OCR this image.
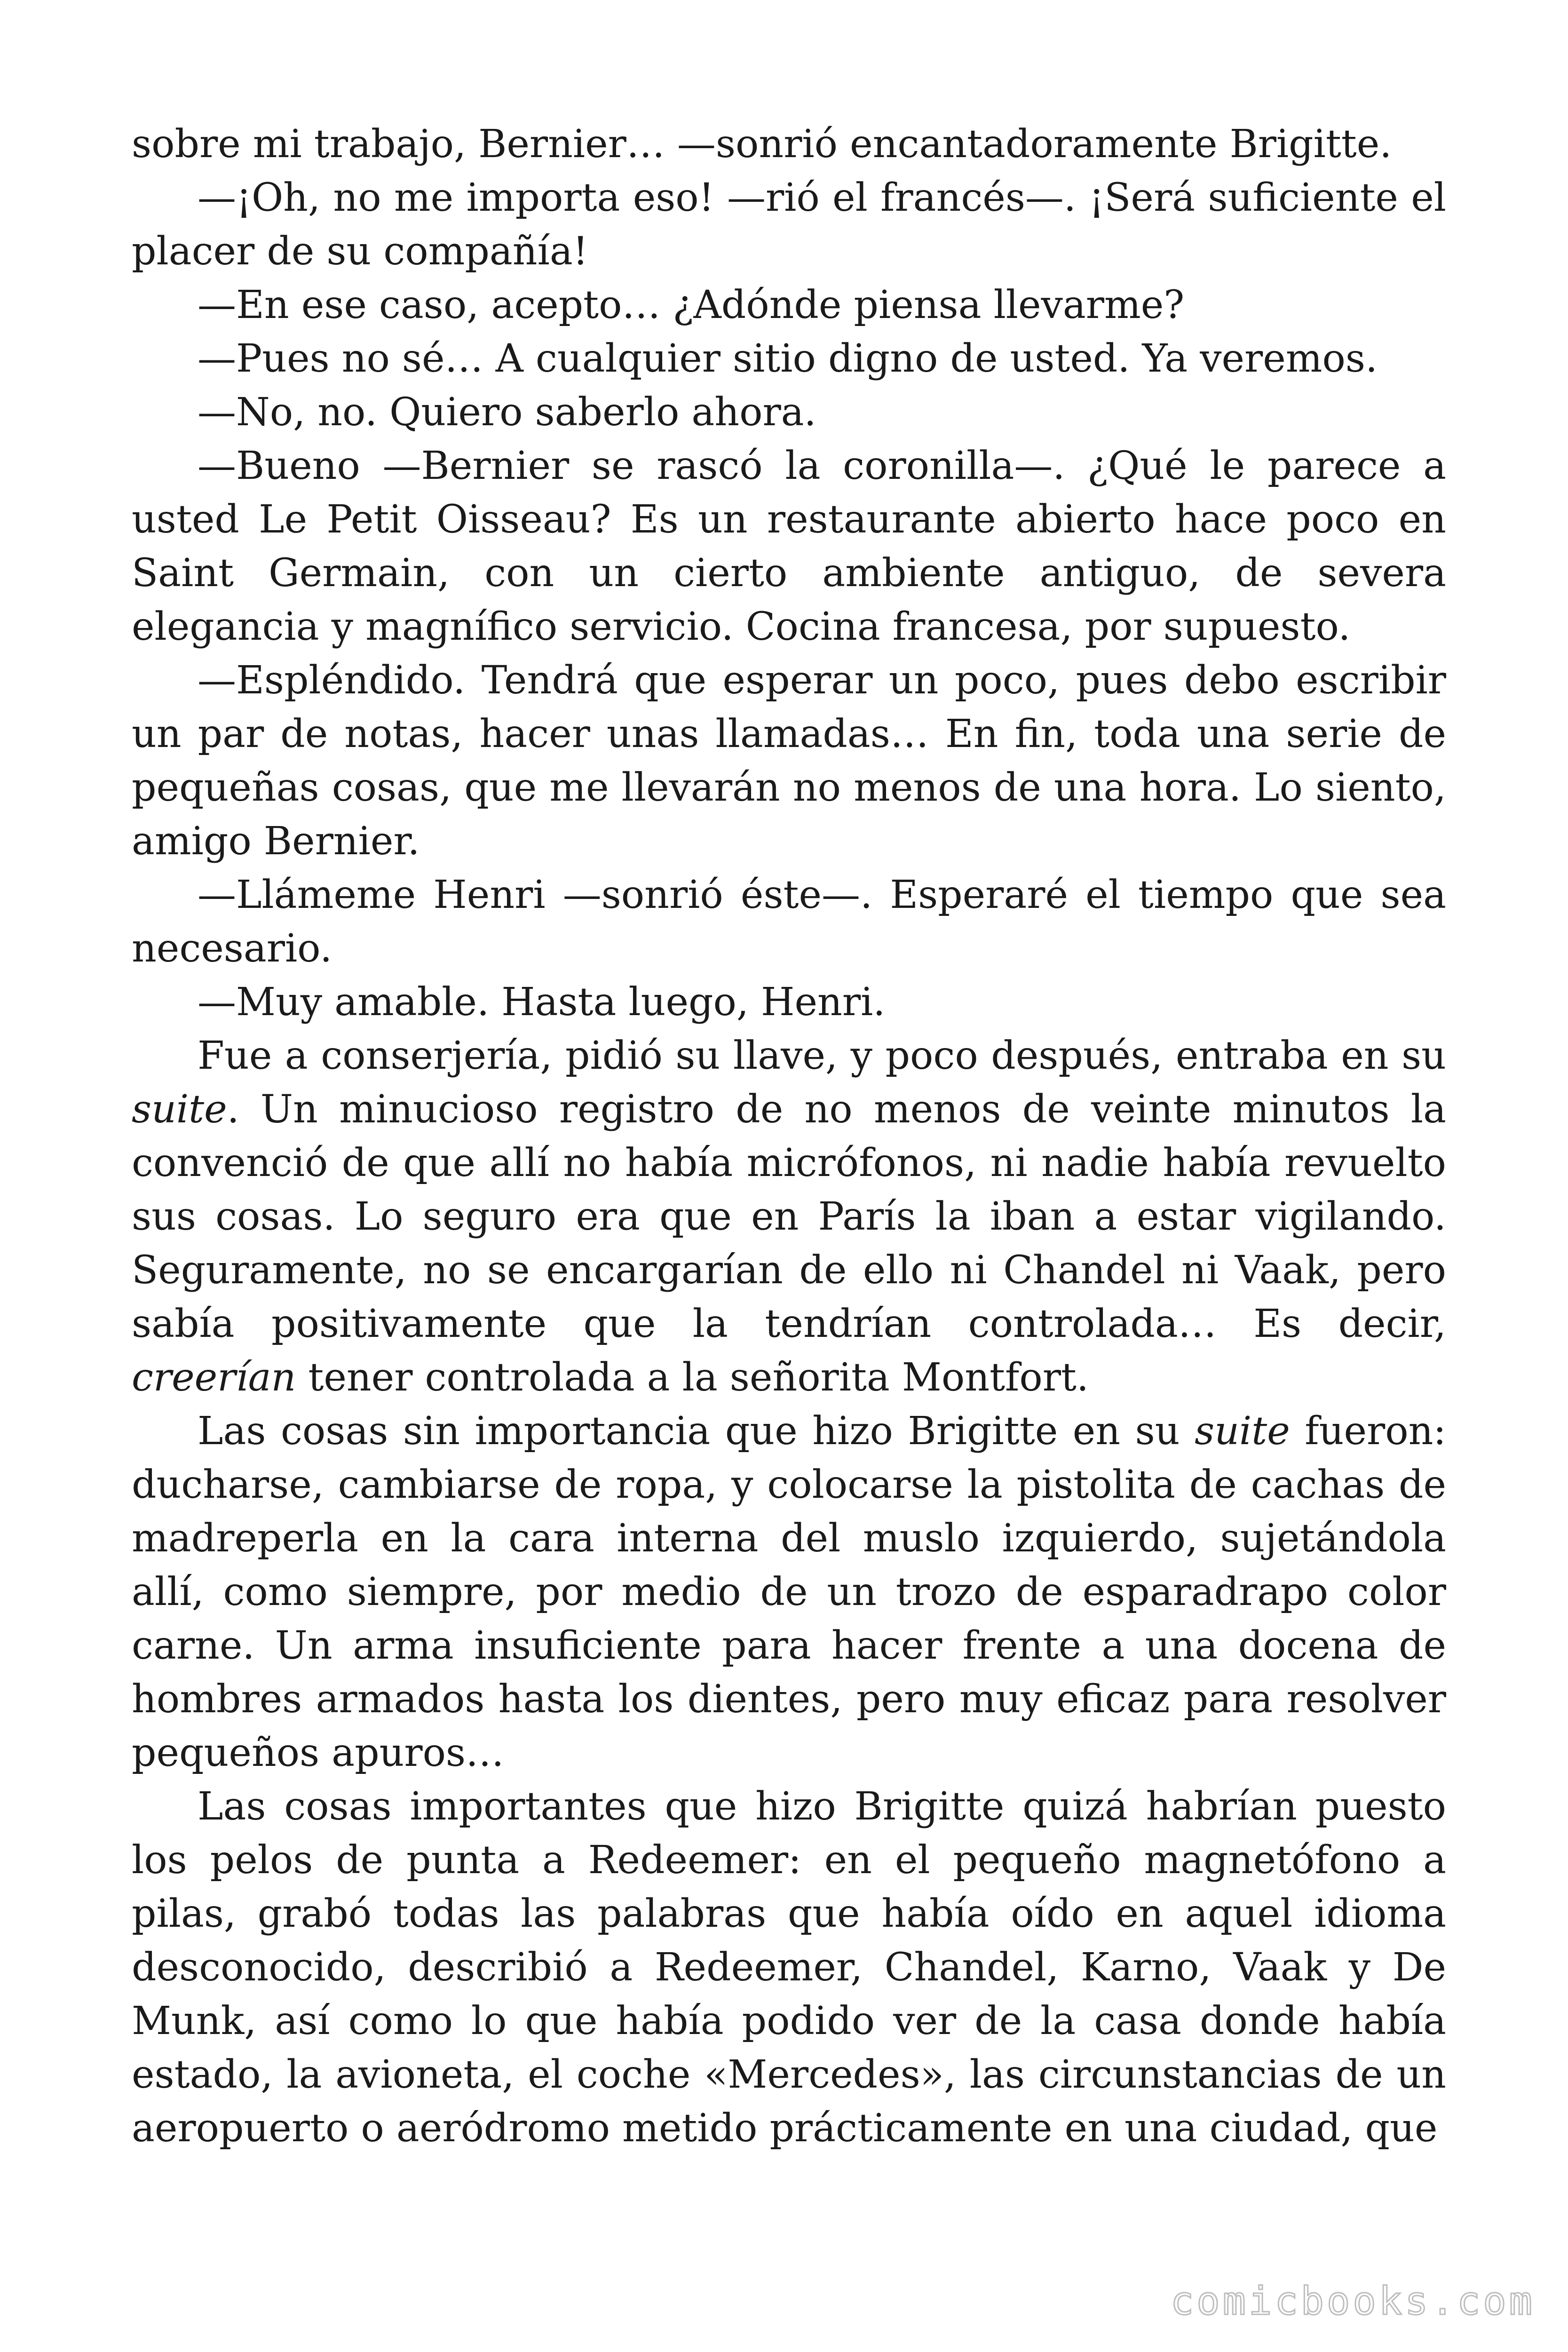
sobre mi trabajo, Bernier… —sonrió encantadoramente Brigitte.

—¡Oh, no me importa eso! —rió el francés—. ¡Será suficiente el placer de su compañía!

—En ese caso, acepto… ¿Adónde piensa llevarme?

—Pues no sé… A cualquier sitio digno de usted. Ya veremos.

—No, no. Quiero saberlo ahora.

—Bueno —Bernier se rascó la coronilla—. ¿Qué le parece a usted Le Petit Oisseau? Es un restaurante abierto hace poco en Saint Germain, con un cierto ambiente antiguo, de severa elegancia y magnífico servicio. Cocina francesa, por supuesto.

—Espléndido. Tendrá que esperar un poco, pues debo escribir un par de notas, hacer unas llamadas… En fin, toda una serie de pequeñas cosas, que me llevarán no menos de una hora. Lo siento, amigo Bernier.

—Llámeme Henri —sonrió éste—. Esperaré el tiempo que sea necesario.

—Muy amable. Hasta luego, Henri.

Fue a conserjería, pidió su llave, y poco después, entraba en su suite. Un minucioso registro de no menos de veinte minutos la convenció de que allí no había micrófonos, ni nadie había revuelto sus cosas. Lo seguro era que en París la iban a estar vigilando. Seguramente, no se encargarían de ello ni Chandel ni Vaak, pero sabía positivamente que la tendrían controlada… Es decir, creerían tener controlada a la señorita Montfort.

Las cosas sin importancia que hizo Brigitte en su suite fueron: ducharse, cambiarse de ropa, y colocarse la pistolita de cachas de madreperla en la cara interna del muslo izquierdo, sujetándola allí, como siempre, por medio de un trozo de esparadrapo color carne. Un arma insuficiente para hacer frente a una docena de hombres armados hasta los dientes, pero muy eficaz para resolver pequeños apuros…

Las cosas importantes que hizo Brigitte quizá habrían puesto los pelos de punta a Redeemer: en el pequeño magnetófono a pilas, grabó todas las palabras que había oído en aquel idioma desconocido, describió a Redeemer, Chandel, Karno, Vaak y De Munk, así como lo que había podido ver de la casa donde había estado, la avioneta, el coche «Mercedes», las circunstancias de un aeropuerto o aeródromo metido prácticamente en una ciudad, que

comicbooks.com
